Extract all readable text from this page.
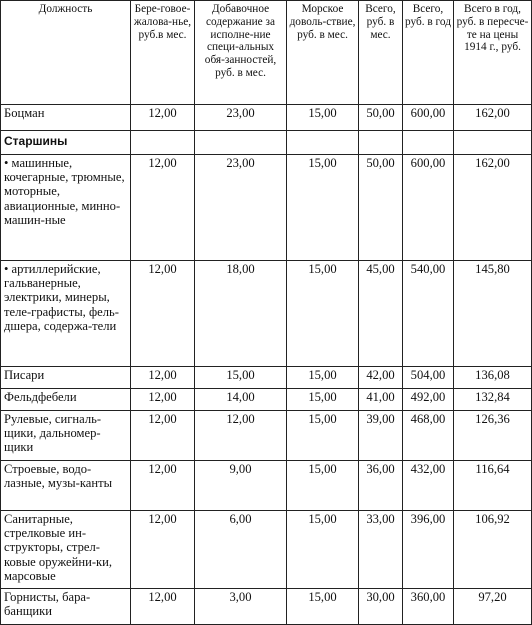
Должность	Бере-говоежалова-нье, руб.в мес.	Добавочное содержание за исполне-ние специ-альных обя-занностей, руб. в мес.	Морское доволь-ствие, руб. в мес.	Всего, руб. в мес.	Всего, руб. в год	Всего в год, руб. в пересче-те на цены 1914 г., руб.
Боцман	12,00	23,00	15,00	50,00	600,00	162,00
Старшины						
• машинные, кочегарные, трюмные, моторные, авиационные, минно-машин-ные	12,00	23,00	15,00	50,00	600,00	162,00
• артиллерийские, гальванерные, электрики, минеры, теле-графисты, фель-дшера, содержа-тели	12,00	18,00	15,00	45,00	540,00	145,80
Писари	12,00	15,00	15,00	42,00	504,00	136,08
Фельдфебели	12,00	14,00	15,00	41,00	492,00	132,84
Рулевые, сигналь-щики, дальномер-щики	12,00	12,00	15,00	39,00	468,00	126,36
Строевые, водо-лазные, музы-канты	12,00	9,00	15,00	36,00	432,00	116,64
Санитарные, стрелковые ин-структоры, стрел-ковые оружейни-ки, марсовые	12,00	6,00	15,00	33,00	396,00	106,92
Горнисты, бара-банщики	12,00	3,00	15,00	30,00	360,00	97,20
